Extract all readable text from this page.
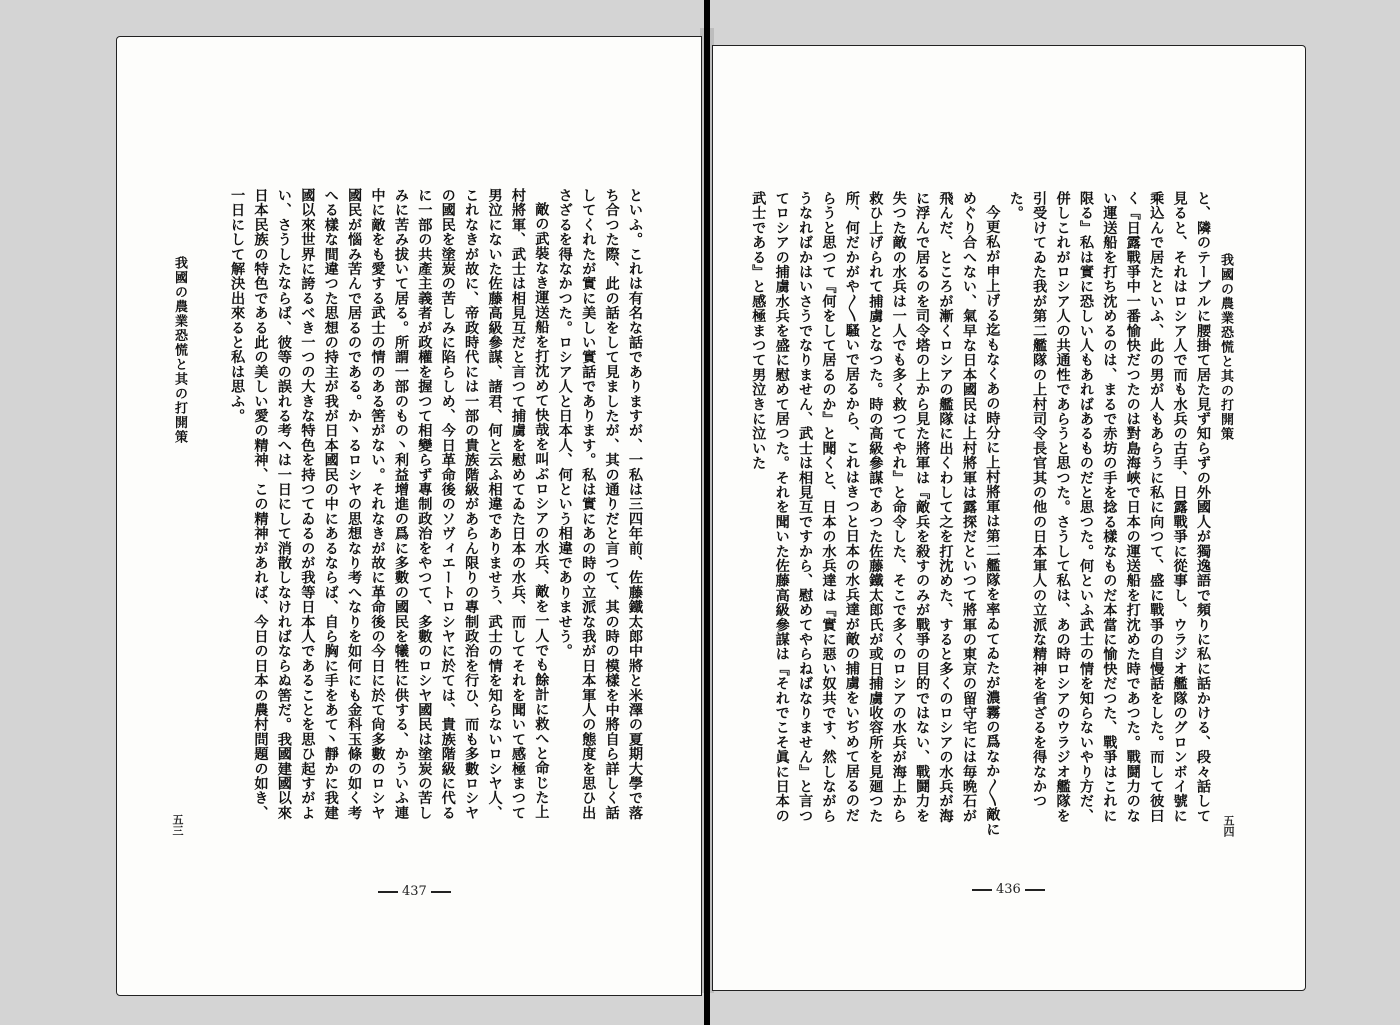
我國の農業恐慌と其の打開策	といふ。これは有名な話でありますが、一私は三四年前、佐藤鐵太郎中將と米澤の夏期大學で落ち合つた際、此の話をして見ましたが、其の通りだと言つて、其の時の模樣を中將自ら詳しく話してくれたが實に美しい實話であります。私は實にあの時の立派な我が日本軍人の態度を思ひ出さざるを得なかつた。ロシア人と日本人、何という相違でありませう。
敵の武裝なき運送船を打沈めて快哉を叫ぶロシアの水兵、敵を一人でも餘計に救へと命じた上村將軍、武士は相見互だと言つて捕虜を慰めてゐた日本の水兵、而してそれを聞いて感極まつて男泣にないた佐藤高級參謀、諸君、何と云ふ相違でありませう、武士の情を知らないロシヤ人、これなきが故に、帝政時代には一部の貴族階級があらん限りの專制政治を行ひ、而も多數ロシヤの國民を塗炭の苦しみに陷らしめ、今日革命後のソヴィエートロシヤに於ては、貴族階級に代るに一部の共產主義者が政權を握つて相變らず專制政治をやつて、多數のロシヤ國民は塗炭の苦しみに苦み拔いて居る。所謂一部のもの丶利益增進の爲に多數の國民を犧牲に供する、かういふ連中に敵をも愛する武士の情のある筈がない。それなきが故に革命後の今日に於て尙多數のロシヤ國民が惱み苦んで居るのである。か丶るロシヤの思想なり考へなりを如何にも金科玉條の如く考へる樣な間違つた思想の持主が我が日本國民の中にあるならば、自ら胸に手をあて丶靜かに我建國以來世界に誇るべき一つの大きな特色を持つてゐるのが我等日本人であることを思ひ起すがよい、さうしたならば、彼等の誤れる考へは一日にして消散しなければならぬ筈だ。我國建國以來日本民族の特色である此の美しい愛の精神、この精神があれば、今日の日本の農村問題の如き、一日にして解決出來ると私は思ふ。
五三
437
我國の農業恐慌と其の打開策
と、隣のテーブルに腰掛て居た見ず知らずの外國人が獨逸語で頻りに私に話かける、段々話して見ると、それはロシア人で而も水兵の古手、日露戰爭に從事し、ウラジオ艦隊のグロンボイ號に乘込んで居たといふ、此の男が人もあらうに私に向つて、盛に戰爭の自慢話をした。而して彼曰く『日露戰爭中一番愉快だつたのは對島海峽で日本の運送船を打沈めた時であつた。戰鬪力のない運送船を打ち沈めるのは、まるで赤坊の手を捻る樣なものだ本當に愉快だつた、戰爭はこれに限る』私は實に恐しい人もあればあるものだと思つた。何といふ武士の情を知らないやり方だ、併しこれがロシア人の共通性であらうと思つた。さうして私は、あの時ロシアのウラジオ艦隊を引受けてゐた我が第二艦隊の上村司令長官其の他の日本軍人の立派な精神を省ざるを得なかつた。
今更私が申上げる迄もなくあの時分に上村將軍は第二艦隊を率ゐてゐたが濃霧の爲なか〳〵敵にめぐり合へない、氣早な日本國民は上村將軍は露探だといつて將軍の東京の留守宅には毎晩石が飛んだ、ところが漸くロシアの艦隊に出くわして之を打沈めた、すると多くのロシアの水兵が海に浮んで居るのを司令塔の上から見た將軍は『敵兵を殺すのみが戰爭の目的ではない、戰鬪力を失つた敵の水兵は一人でも多く救つてやれ』と命令した、そこで多くのロシアの水兵が海上から救ひ上げられて捕虜となつた。時の高級參謀であつた佐藤鐵太郎氏が或日捕虜收容所を見廻つた所、何だかがや〳〵騷いで居るから、これはきつと日本の水兵達が敵の捕虜をいぢめて居るのだらうと思つて『何をして居るのか』と聞くと、日本の水兵達は『實に惡い奴共です、然しながらうなればかはいさうでなりません、武士は相見互ですから、慰めてやらねばなりません』と言つてロシアの捕虜水兵を盛に慰めて居つた。それを聞いた佐藤高級參謀は『それでこそ眞に日本の武士である』と感極まつて男泣きに泣いた
五四
436
